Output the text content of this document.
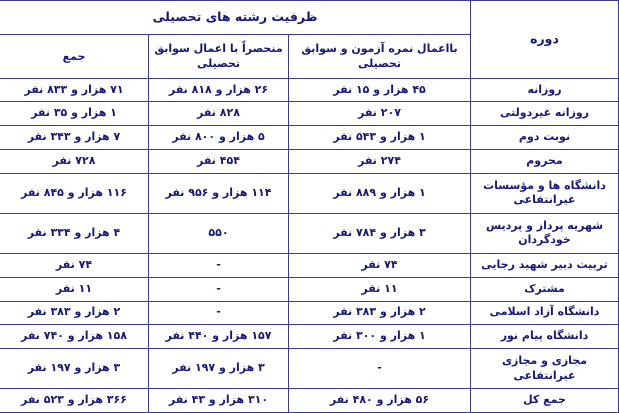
دوره	ظرفیت رشته های تحصیلی		
	با‌اعمال نمره آزمون و سوابق تحصیلی	منحصراً با اعمال سوابق تحصیلی	جمع
روزانه	۴۵ هزار و ۱۵ نفر	۲۶ هزار و ۸۱۸ نفر	۷۱ هزار و ۸۳۳ نفر
روزانه غیردولتی	۲۰۷ نفر	۸۲۸ نفر	۱ هزار و ۳۵ نفر
نوبت دوم	۱ هزار و ۵۴۳ نفر	۵ هزار و ۸۰۰ نفر	۷ هزار و ۳۴۳ نفر
محروم	۲۷۴ نفر	۴۵۴ نفر	۷۲۸ نفر
دانشگاه ها و مؤسسات غیرانتفاعی	۱ هزار و ۸۸۹ نفر	۱۱۴ هزار و ۹۵۶ نفر	۱۱۶ هزار و ۸۴۵ نفر
شهریه پرداز و پردیس خودگردان	۳ هزار و ۷۸۴ نفر	۵۵۰	۴ هزار و ۳۳۴ نفر
تربیت دبیر شهید رجایی	۷۴ نفر	-	۷۴ نفر
مشترک	۱۱ نفر	-	۱۱ نفر
دانشگاه آزاد اسلامی	۲ هزار و ۳۸۳ نفر	-	۲ هزار و ۳۸۳ نفر
دانشگاه پیام نور	۱ هزار و ۳۰۰ نفر	۱۵۷ هزار و ۴۴۰ نفر	۱۵۸ هزار و ۷۴۰ نفر
مجازی و مجازی غیرانتفاعی	-	۳ هزار و ۱۹۷ نفر	۳ هزار و ۱۹۷ نفر
جمع کل	۵۶ هزار و ۴۸۰ نفر	۳۱۰ هزار و ۴۳ نفر	۳۶۶ هزار و ۵۲۳ نفر
